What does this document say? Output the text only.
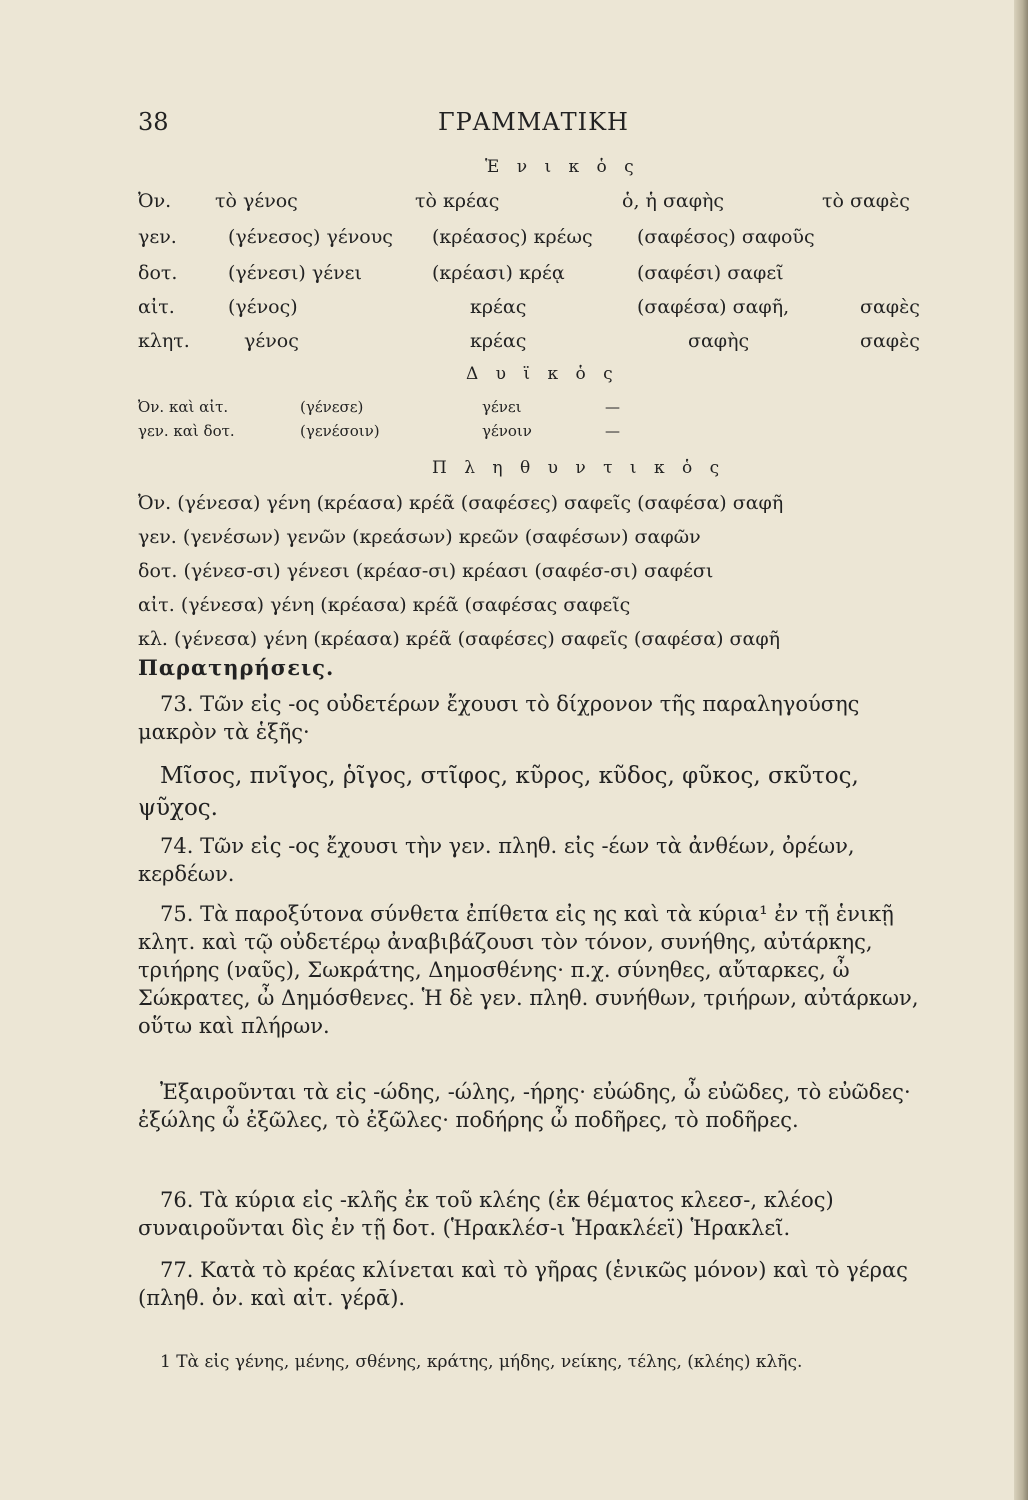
38	ΓΡΑΜΜΑΤΙΚΗ
Ἑ ν ι κ ὁ ς
Ὀν. τὸ γένος	τὸ κρέας	ὁ, ἡ σαφὴς	τὸ σαφὲς
γεν.	(γένεσος) γένους (κρέασος) κρέως (σαφέσος) σαφοῦς
δοτ.	(γένεσι) γένει	(κρέασι) κρέᾳ	(σαφέσι) σαφεῖ
αἰτ.	(γένος)	κρέας	(σαφέσα) σαφῆ,	σαφὲς
κλητ.	γένος	κρέας	σαφὴς	σαφὲς
Δ υ ϊ κ ὁ ς
Ὀν. καὶ αἰτ.	(γένεσε)	γένει	—
γεν. καὶ δοτ.	(γενέσοιν)	γένοιν	—
Π λ η θ υ ν τ ι κ ὁ ς
Ὀν. (γένεσα) γένη (κρέασα) κρέᾶ (σαφέσες) σαφεῖς (σαφέσα) σαφῆ
γεν. (γενέσων) γενῶν (κρεάσων) κρεῶν (σαφέσων) σαφῶν
δοτ. (γένεσ-σι) γένεσι (κρέασ-σι) κρέασι (σαφέσ-σι) σαφέσι
αἰτ. (γένεσα) γένη (κρέασα) κρέᾶ (σαφέσας σαφεῖς
κλ. (γένεσα) γένη (κρέασα) κρέᾶ (σαφέσες) σαφεῖς (σαφέσα) σαφῆ
Παρατηρήσεις.

73. Τῶν εἰς -ος οὐδετέρων ἔχουσι τὸ δίχρονον τῆς παραληγούσης μακρὸν τὰ ἑξῆς·

Μῖσος, πνῖγος, ῥῖγος, στῖφος, κῦρος, κῦδος, φῦκος, σκῦτος, ψῦχος.

74. Τῶν εἰς -ος ἔχουσι τὴν γεν. πληθ. εἰς -έων τὰ ἀνθέων, ὀρέων, κερδέων.

75. Τὰ παροξύτονα σύνθετα ἐπίθετα εἰς ης καὶ τὰ κύρια¹ ἐν τῇ ἑνικῇ κλητ. καὶ τῷ οὐδετέρῳ ἀναβιβάζουσι τὸν τόνον, συνήθης, αὐτάρκης, τριήρης (ναῦς), Σωκράτης, Δημοσθένης· π.χ. σύνηθες, αὔταρκες, ὦ Σώκρατες, ὦ Δημόσθενες. Ἡ δὲ γεν. πληθ. συνήθων, τριήρων, αὐτάρκων, οὕτω καὶ πλήρων.

Ἐξαιροῦνται τὰ εἰς -ώδης, -ώλης, -ήρης· εὐώδης, ὦ εὐῶδες, τὸ εὐῶδες· ἐξώλης ὦ ἐξῶλες, τὸ ἐξῶλες· ποδήρης ὦ ποδῆρες, τὸ ποδῆρες.

76. Τὰ κύρια εἰς -κλῆς ἐκ τοῦ κλέης (ἐκ θέματος κλεεσ-, κλέος) συναιροῦνται δὶς ἐν τῇ δοτ. (Ἡρακλέσ-ι Ἡρακλέεϊ) Ἡρακλεῖ.

77. Κατὰ τὸ κρέας κλίνεται καὶ τὸ γῆρας (ἑνικῶς μόνον) καὶ τὸ γέρας (πληθ. ὀν. καὶ αἰτ. γέρᾱ).

1 Τὰ εἰς γένης, μένης, σθένης, κράτης, μήδης, νείκης, τέλης, (κλέης) κλῆς.
